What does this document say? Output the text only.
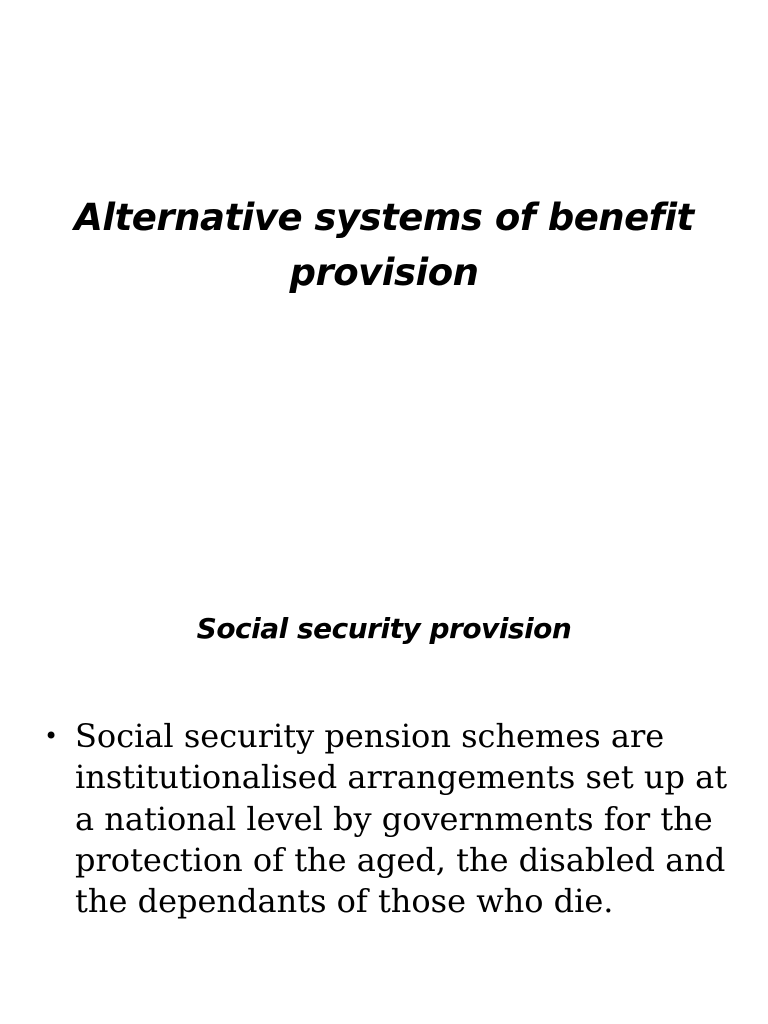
Alternative systems of benefit provision
Social security provision
• Social security pension schemes are institutionalised arrangements set up at a national level by governments for the protection of the aged, the disabled and the dependants of those who die.
